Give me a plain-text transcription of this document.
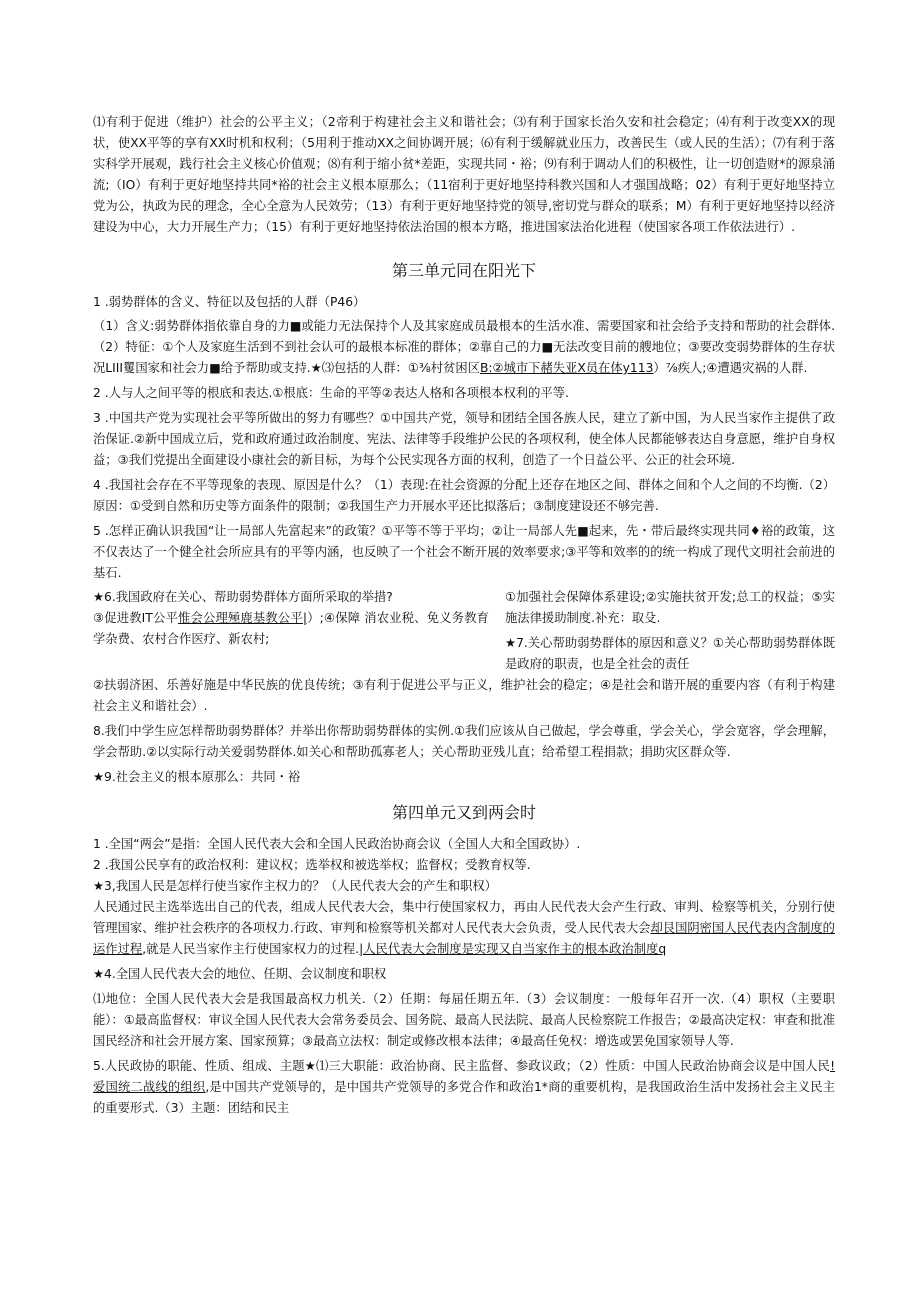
⑴有利于促进（维护）社会的公平主义；（2帝利于构建社会主义和谐社会；⑶有利于国家长治久安和社会稳定；⑷有利于改变XX的现状，使XX平等的享有XX时机和权利；（5用利于推动XX之间协调开展；⑹有利于缓解就业压力，改善民生（或人民的生活）；⑺有利于落实科学开展观，践行社会主义核心价值观；⑻有利于缩小贫*差距，实现共同・裕；⑼有利于调动人们的积极性，让一切创造财*的源泉涌流;（IO）有利于更好地坚持共同*裕的社会主义根本原那么；（11宿利于更好地坚持科教兴国和人才强国战略；02）有利于更好地坚持立党为公，执政为民的理念，全心全意为人民效劳；（13）有利于更好地坚持党的领导,密切党与群众的联系；M）有利于更好地坚持以经济建设为中心，大力开展生产力；（15）有利于更好地坚持依法治国的根本方略，推进国家法治化进程（使国家各项工作依法进行）.

第三单元同在阳光下

1 .弱势群体的含义、特征以及包括的人群（P46）

（1）含义:弱势群体指依靠自身的力■或能力无法保持个人及其家庭成员最根本的生活水准、需要国家和社会给予支持和帮助的社会群体.（2）特征：①个人及家庭生活到不到社会认可的最根本标准的群体；②靠自己的力■无法改变目前的艘地位；③要改变弱势群体的生存状况LIII矍国家和社会力■给予帮助或支持.★⑶包括的人群：①⅜村贫困区B:②城市下赭失亚X员在体y113）⅞疾人;④遭遇灾祸的人群.

2 .人与人之间平等的根底和表达.①根底：生命的平等②表达人格和各项根本权利的平等.

3 .中国共产党为实现社会平等所做出的努力有哪些？①中国共产党，领导和团结全国各族人民，建立了新中国，为人民当家作主提供了政治保证.②新中国成立后，党和政府通过政治制度、宪法、法律等手段维护公民的各项权利，使全体人民都能够表达自身意愿，维护自身权益；③我们党提出全面建设小康社会的新目标，为每个公民实现各方面的权利，创造了一个日益公平、公正的社会环境.

4 .我国社会存在不平等现象的表现、原因是什么？（1）表现:在社会资源的分配上还存在地区之间、群体之间和个人之间的不均衡.（2）原因：①受到自然和历史等方面条件的限制；②我国生产力开展水平还比拟落后；③制度建设还不够完善.

5 .怎样正确认识我国“让一局部人先富起来”的政策？①平等不等于平均；②让一局部人先■起来，先・带后最终实现共同♦裕的政策，这不仅表达了一个健全社会所应具有的平等内涵，也反映了一个社会不断开展的效率要求;③平等和效率的的统一构成了现代文明社会前进的基石.

★6.我国政府在关心、帮助弱势群体方面所采取的举措?

③促进教IT公平惟会公理殛鹿基教公平|）;④保障 消农业税、免义务教育学杂费、农村合作医疗、新农村;

①加强社会保障体系建设;②实施扶贫开发;总工的权益；⑤实施法律援助制度.补充：取殳.

★7.关心帮助弱势群体的原因和意义？①关心帮助弱势群体既是政府的职责，也是全社会的责任

②扶弱济困、乐善好施是中华民族的优良传统；③有利于促进公平与正义，维护社会的稳定；④是社会和谐开展的重要内容（有利于构建社会主义和谐社会）.

8.我们中学生应怎样帮助弱势群体？并举出你帮助弱势群体的实例.①我们应该从自己做起，学会尊重，学会关心，学会宽容，学会理解，学会帮助.②以实际行动关爱弱势群体.如关心和帮助孤寡老人；关心帮助亚残儿直；给希望工程捐款；捐助灾区群众等.

★9.社会主义的根本原那么：共同・裕

第四单元又到两会时

1 .全国“两会”是指：全国人民代表大会和全国人民政治协商会议（全国人大和全国政协）.

2 .我国公民享有的政治权利：建议权；选举权和被选举权；监督权；受教育权等.

★3,我国人民是怎样行使当家作主权力的？（人民代表大会的产生和职权）

人民通过民主选举选出自己的代表，组成人民代表大会，集中行使国家权力，再由人民代表大会产生行政、审判、检察等机关，分别行使管理国家、维护社会秩序的各项权力.行政、审判和检察等机关都对人民代表大会负责，受人民代表大会却艮国阴密国人民代表内含制度的运作过程,就是人民当家作主行使国家权力的过程.|人民代表大会制度是实现又自当家作主的根本政治制度q

★4.全国人民代表大会的地位、任期、会议制度和职权

⑴地位：全国人民代表大会是我国最高权力机关.（2）任期：每届任期五年.（3）会议制度：一般每年召开一次.（4）职权（主要职能）：①最高监督权：审议全国人民代表大会常务委员会、国务院、最高人民法院、最高人民检察院工作报告；②最高决定权：审查和批准国民经济和社会开展方案、国家预算；③最高立法权：制定或修改根本法律；④最高任免权：增选或罢免国家领导人等.

5.人民政协的职能、性质、组成、主题★⑴三大职能：政治协商、民主监督、参政议政；（2）性质：中国人民政治协商会议是中国人民!爱国统二战线的组织,是中国共产党领导的，是中国共产党领导的多党合作和政治1*商的重要机构，是我国政治生活中发扬社会主义民主的重要形式.（3）主题：团结和民主
